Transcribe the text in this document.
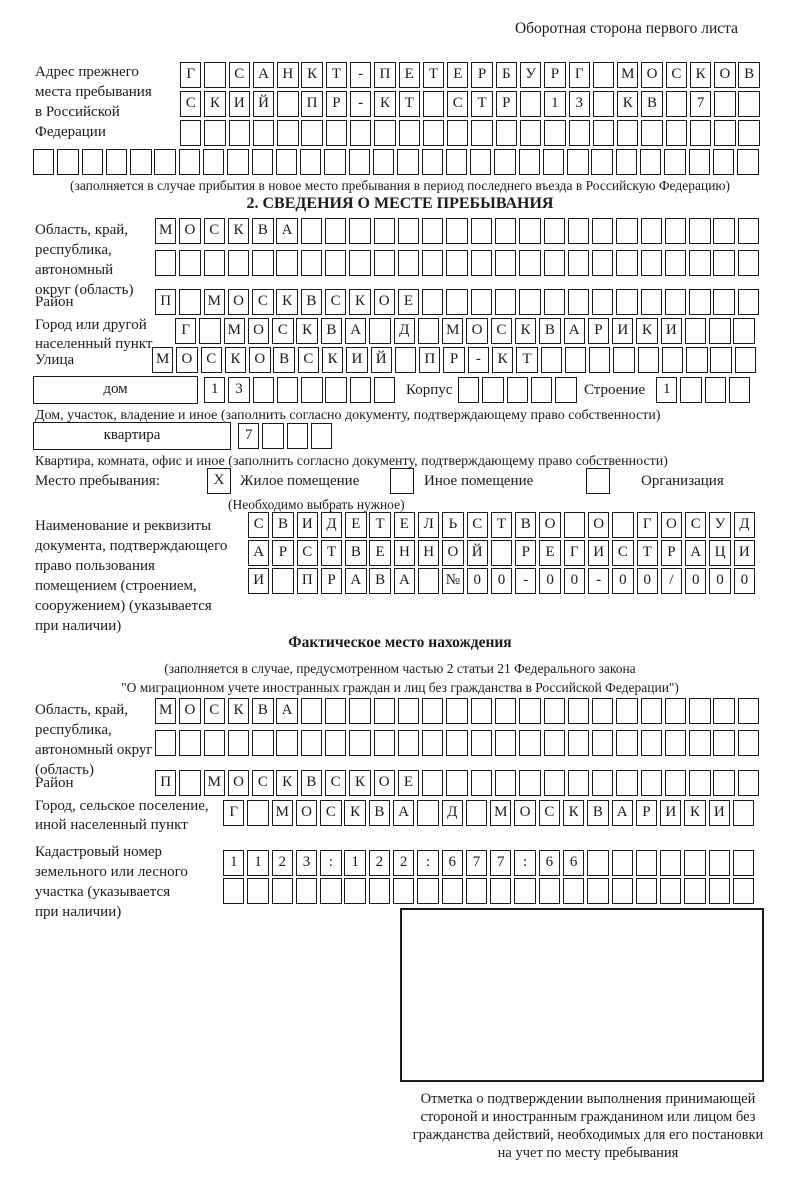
Оборотная сторона первого листа
Адрес прежнего
места пребывания
в Российской
Федерации
Г	С А Н К Т - П Е Т Е Р Б У Р Г	М О С К О В
С К И Й	П Р - К Т	С Т Р	1 3	К В	7
(заполняется в случае прибытия в новое место пребывания в период последнего въезда в Российскую Федерацию)
2. СВЕДЕНИЯ О МЕСТЕ ПРЕБЫВАНИЯ
Область, край,
республика,
автономный
округ (область)
М О С К В А
Район	П М О С К В С К О Е
Город или другой
населенный пункт
Г	М О С К В А	Д М О С К В А Р И К И
Улица	М О С К О В С К И Й	П Р - К Т
дом	1 3	Корпус	Строение	1
Дом, участок, владение и иное (заполнить согласно документу, подтверждающему право собственности)
квартира	7
Квартира, комната, офис и иное (заполнить согласно документу, подтверждающему право собственности)
Место пребывания:	X	Жилое помещение	Иное помещение	Организация
(Необходимо выбрать нужное)
Наименование и реквизиты
документа, подтверждающего
право пользования
помещением (строением,
сооружением) (указывается
при наличии)
С В И Д Е Т Е Л Ь С Т В О	О	Г О С У Д
А Р С Т В Е Н Н О Й	Р Е Г И С Т Р А Ц И
И	П Р А В А № 0 0 - 0 0 - 0 0 / 0 0 0
Фактическое место нахождения
(заполняется в случае, предусмотренном частью 2 статьи 21 Федерального закона
"О миграционном учете иностранных граждан и лиц без гражданства в Российской Федерации")
Область, край,
республика,
автономный округ
(область)
М О С К В А
Район	П М О С К В С К О Е
Город, сельское поселение,
иной населенный пункт
Г	М О С К В А	Д М О С К В А Р И К И
Кадастровый номер
земельного или лесного
участка (указывается
при наличии)
1 1 2 3 : 1 2 2 : 6 7 7 : 6 6
Отметка о подтверждении выполнения принимающей
стороной и иностранным гражданином или лицом без
гражданства действий, необходимых для его постановки
на учет по месту пребывания
